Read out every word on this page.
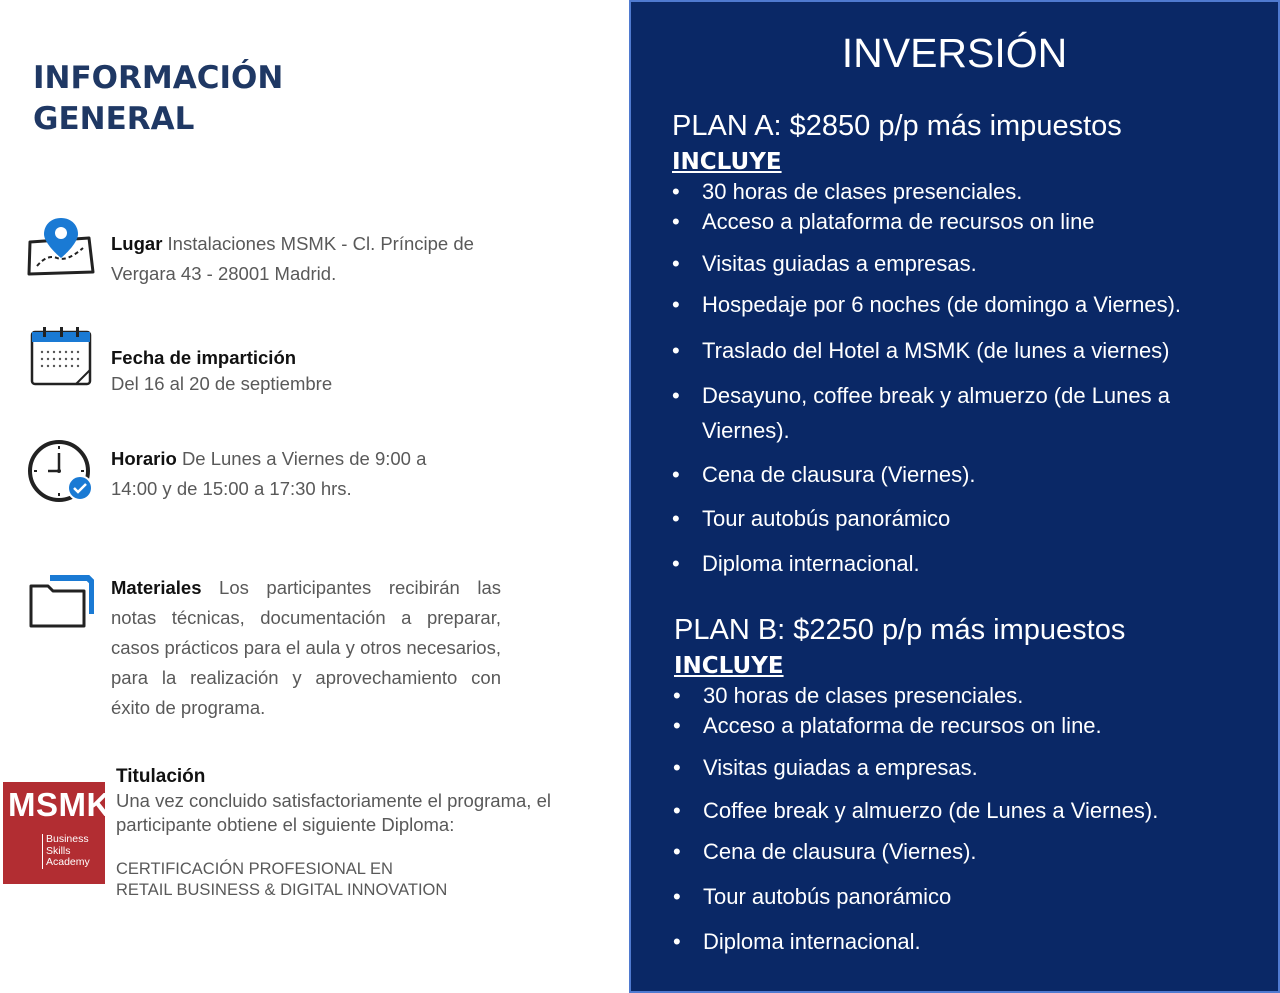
INFORMACIÓN
GENERAL
Lugar Instalaciones MSMK - Cl. Príncipe de Vergara 43 - 28001 Madrid.
Fecha de impartición
Del 16 al 20 de septiembre
Horario De Lunes a Viernes de 9:00 a 14:00 y de 15:00 a 17:30 hrs.
Materiales Los participantes recibirán las notas técnicas, documentación a preparar, casos prácticos para el aula y otros necesarios, para la realización y aprovechamiento con éxito de programa.
MSMK
Business
Skills
Academy
Titulación
Una vez concluido satisfactoriamente el programa, el participante obtiene el siguiente Diploma:
CERTIFICACIÓN PROFESIONAL EN
RETAIL BUSINESS & DIGITAL INNOVATION
INVERSIÓN
PLAN A: $2850 p/p más impuestos
INCLUYE
• 30 horas de clases presenciales.
• Acceso a plataforma de recursos on line
• Visitas guiadas a empresas.
• Hospedaje por 6 noches (de domingo a Viernes).
• Traslado del Hotel a MSMK (de lunes a viernes)
• Desayuno, coffee break y almuerzo (de Lunes a Viernes).
• Cena de clausura (Viernes).
• Tour autobús panorámico
• Diploma internacional.
PLAN B: $2250 p/p más impuestos
INCLUYE
• 30 horas de clases presenciales.
• Acceso a plataforma de recursos on line.
• Visitas guiadas a empresas.
• Coffee break y almuerzo (de Lunes a Viernes).
• Cena de clausura (Viernes).
• Tour autobús panorámico
• Diploma internacional.
